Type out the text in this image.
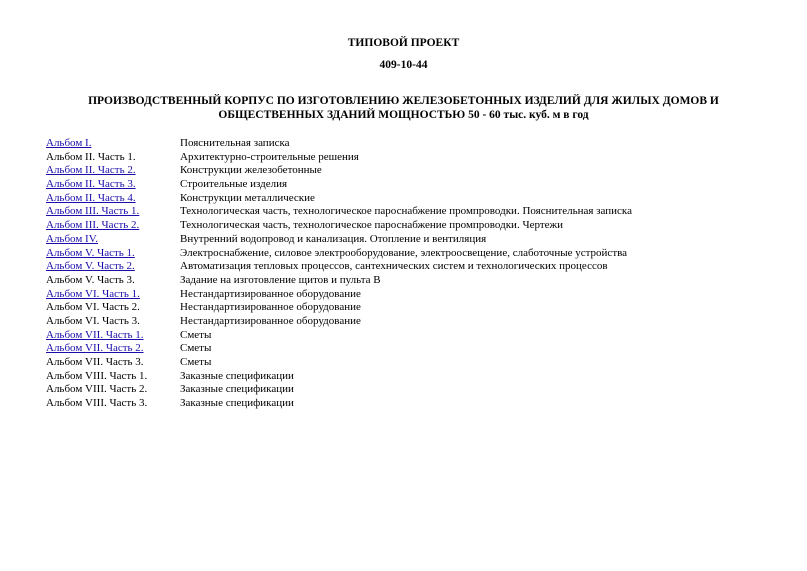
ТИПОВОЙ ПРОЕКТ
409-10-44
ПРОИЗВОДСТВЕННЫЙ КОРПУС ПО ИЗГОТОВЛЕНИЮ ЖЕЛЕЗОБЕТОННЫХ ИЗДЕЛИЙ ДЛЯ ЖИЛЫХ ДОМОВ И ОБЩЕСТВЕННЫХ ЗДАНИЙ МОЩНОСТЬЮ 50 - 60 тыс. куб. м в год
Альбом I.	Пояснительная записка
Альбом II. Часть 1.	Архитектурно-строительные решения
Альбом II. Часть 2.	Конструкции железобетонные
Альбом II. Часть 3.	Строительные изделия
Альбом II. Часть 4.	Конструкции металлические
Альбом III. Часть 1.	Технологическая часть, технологическое пароснабжение промпроводки. Пояснительная записка
Альбом III. Часть 2.	Технологическая часть, технологическое пароснабжение промпроводки. Чертежи
Альбом IV.	Внутренний водопровод и канализация. Отопление и вентиляция
Альбом V. Часть 1.	Электроснабжение, силовое электрооборудование, электроосвещение, слаботочные устройства
Альбом V. Часть 2.	Автоматизация тепловых процессов, сантехнических систем и технологических процессов
Альбом V. Часть 3.	Задание на изготовление щитов и пульта В
Альбом VI. Часть 1.	Нестандартизированное оборудование
Альбом VI. Часть 2.	Нестандартизированное оборудование
Альбом VI. Часть 3.	Нестандартизированное оборудование
Альбом VII. Часть 1.	Сметы
Альбом VII. Часть 2.	Сметы
Альбом VII. Часть 3.	Сметы
Альбом VIII. Часть 1.	Заказные спецификации
Альбом VIII. Часть 2.	Заказные спецификации
Альбом VIII. Часть 3.	Заказные спецификации
